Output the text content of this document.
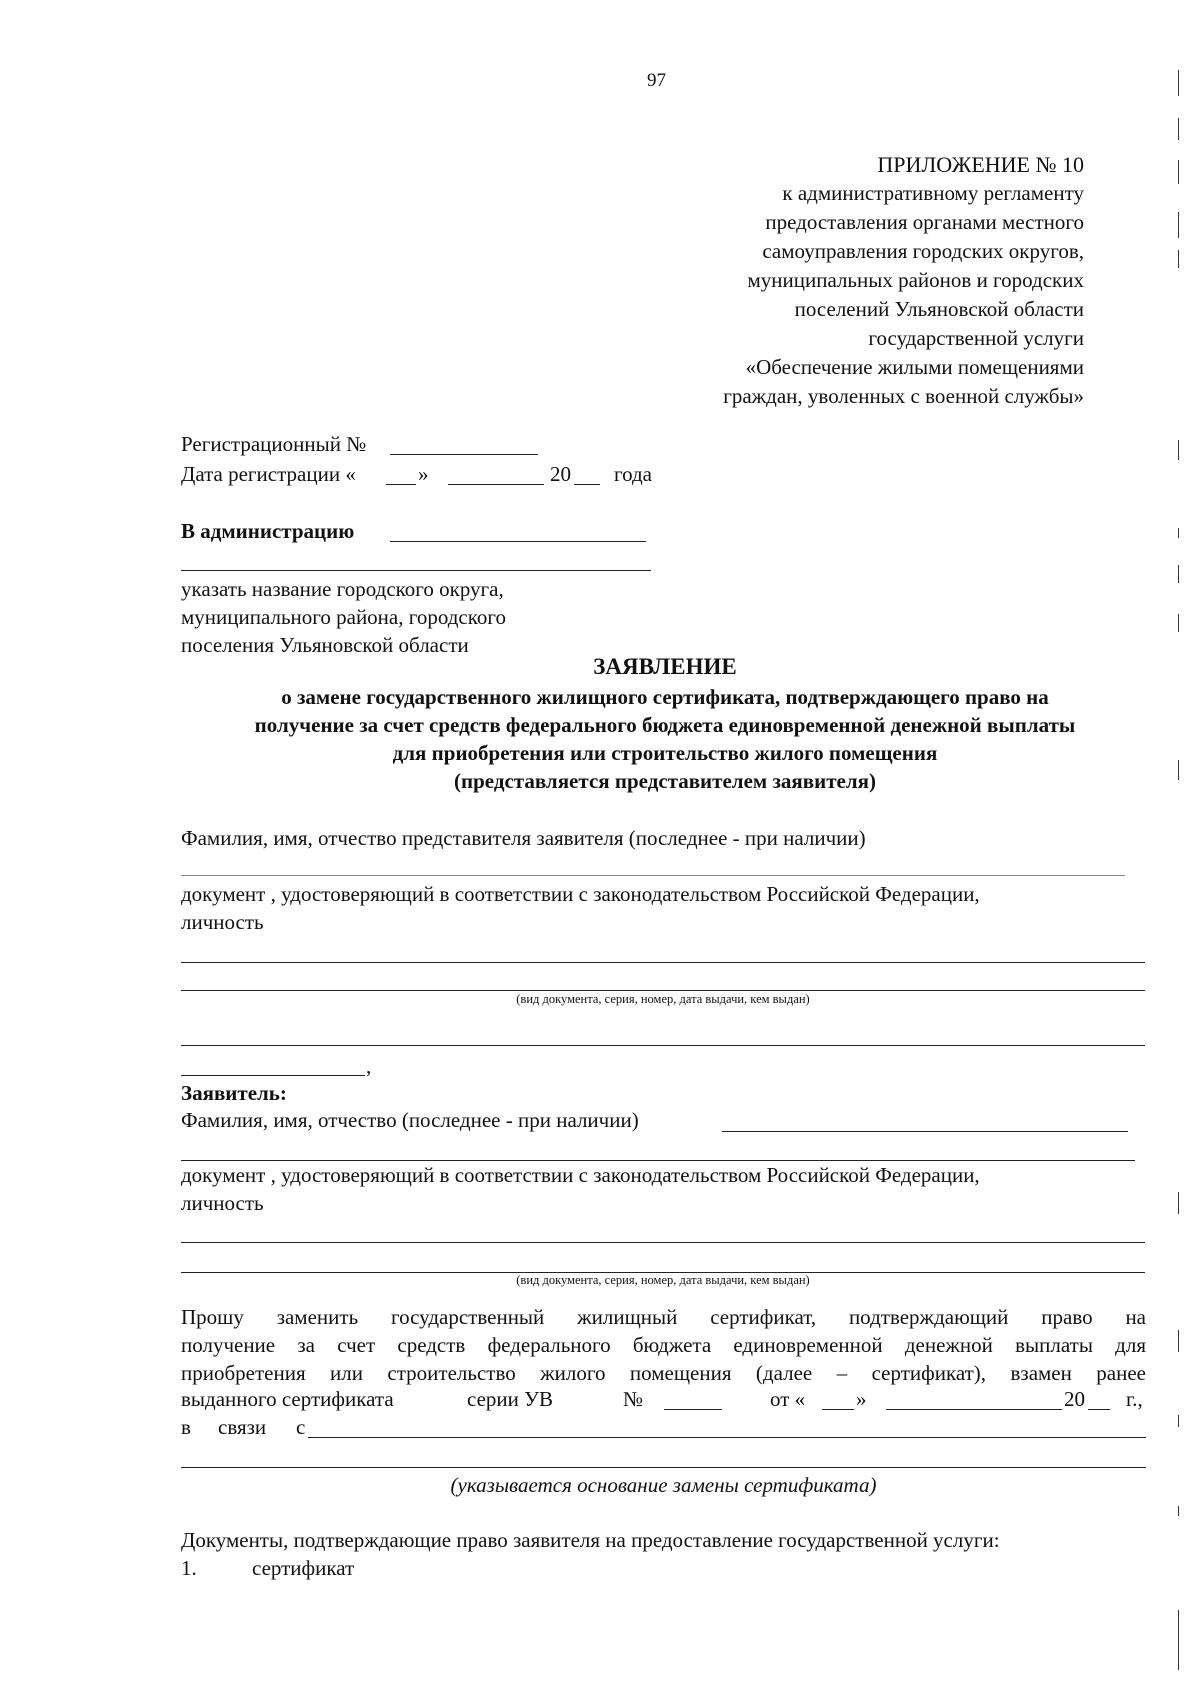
97
ПРИЛОЖЕНИЕ № 10
к административному регламенту
предоставления органами местного
самоуправления городских округов,
муниципальных районов и городских
поселений Ульяновской области
государственной услуги
«Обеспечение жилыми помещениями
граждан, уволенных с военной службы»
Регистрационный №
Дата регистрации «	»	20 года
В администрацию
указать название городского округа,
муниципального района, городского
поселения Ульяновской области
ЗАЯВЛЕНИЕ
о замене государственного жилищного сертификата, подтверждающего право на
получение за счет средств федерального бюджета единовременной денежной выплаты
для приобретения или строительство жилого помещения
(представляется представителем заявителя)
Фамилия, имя, отчество представителя заявителя (последнее - при наличии)
документ , удостоверяющий в соответствии с законодательством Российской Федерации,
личность
(вид документа, серия, номер, дата выдачи, кем выдан)
,
Заявитель:
Фамилия, имя, отчество (последнее - при наличии)
документ , удостоверяющий в соответствии с законодательством Российской Федерации,
личность
(вид документа, серия, номер, дата выдачи, кем выдан)
Прошу заменить государственный жилищный сертификат, подтверждающий право на
получение за счет средств федерального бюджета единовременной денежной выплаты для
приобретения или строительство жилого помещения (далее – сертификат), взамен ранее
выданного сертификата	серии УВ	№	от « »	20 г.,
в связи с
(указывается основание замены сертификата)
Документы, подтверждающие право заявителя на предоставление государственной услуги:
1.	сертификат
